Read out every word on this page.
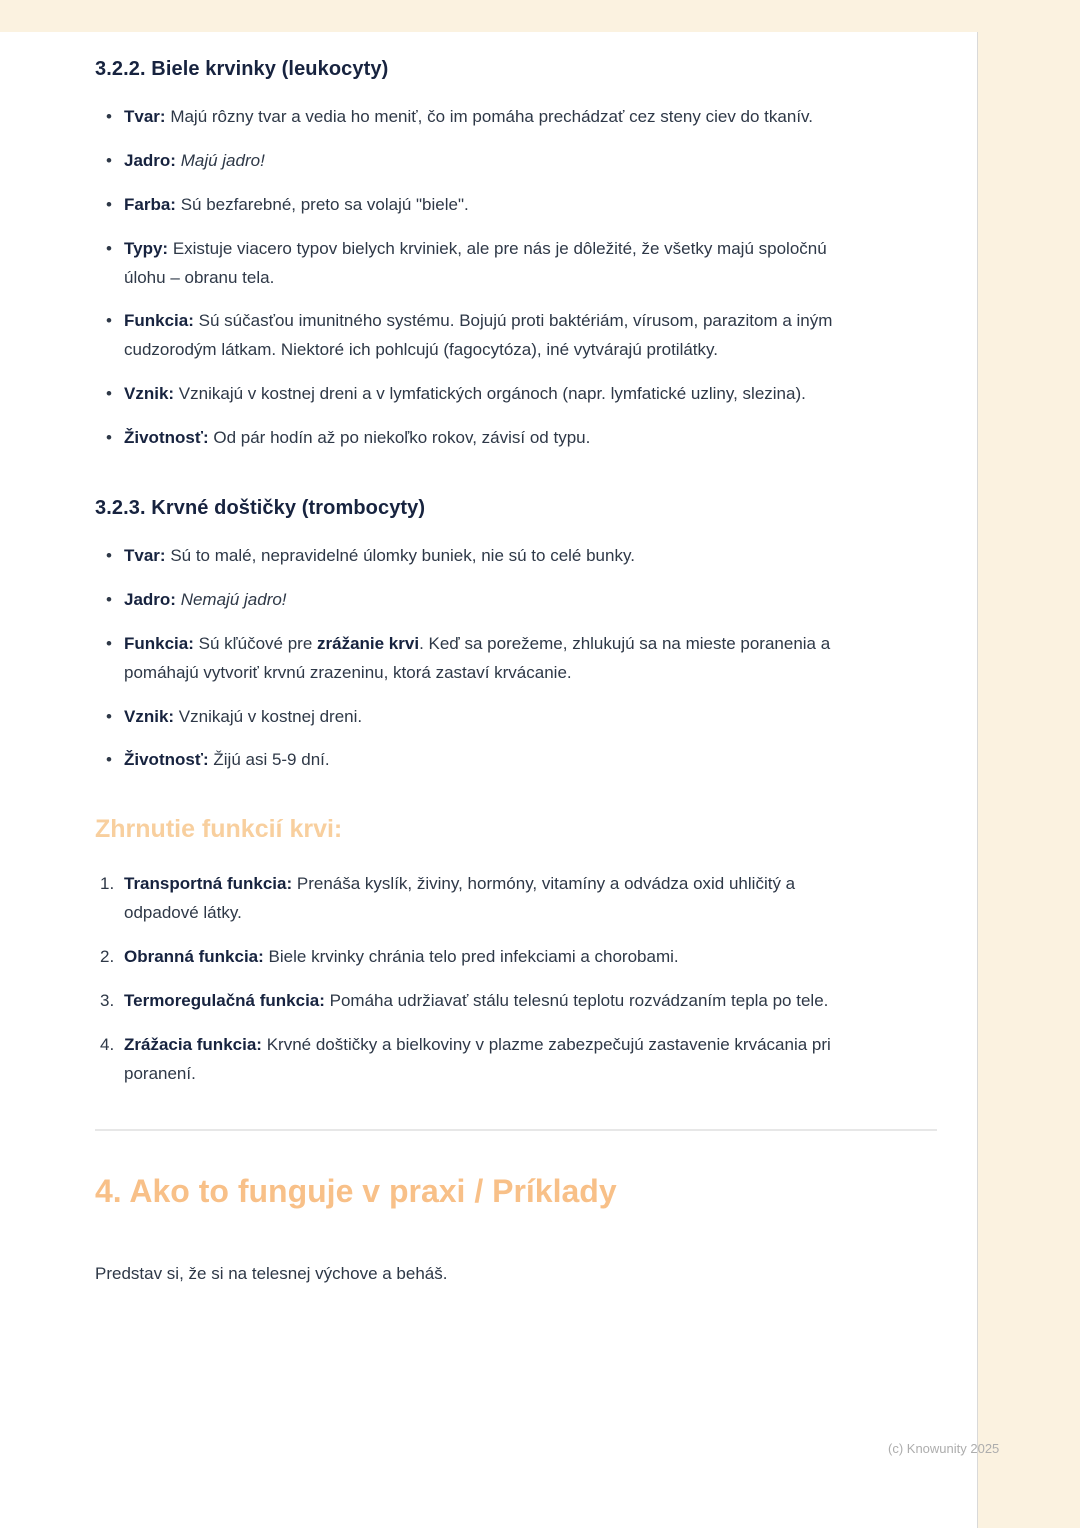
3.2.2. Biele krvinky (leukocyty)
• Tvar: Majú rôzny tvar a vedia ho meniť, čo im pomáha prechádzať cez steny ciev do tkanív.
• Jadro: Majú jadro!
• Farba: Sú bezfarebné, preto sa volajú "biele".
• Typy: Existuje viacero typov bielych krviniek, ale pre nás je dôležité, že všetky majú spoločnú úlohu – obranu tela.
• Funkcia: Sú súčasťou imunitného systému. Bojujú proti baktériám, vírusom, parazitom a iným cudzorodým látkam. Niektoré ich pohlcujú (fagocytóza), iné vytvárajú protilátky.
• Vznik: Vznikajú v kostnej dreni a v lymfatických orgánoch (napr. lymfatické uzliny, slezina).
• Životnosť: Od pár hodín až po niekoľko rokov, závisí od typu.
3.2.3. Krvné doštičky (trombocyty)
• Tvar: Sú to malé, nepravidelné úlomky buniek, nie sú to celé bunky.
• Jadro: Nemajú jadro!
• Funkcia: Sú kľúčové pre zrážanie krvi. Keď sa porežeme, zhlukujú sa na mieste poranenia a pomáhajú vytvoriť krvnú zrazeninu, ktorá zastaví krvácanie.
• Vznik: Vznikajú v kostnej dreni.
• Životnosť: Žijú asi 5-9 dní.
Zhrnutie funkcií krvi:
1. Transportná funkcia: Prenáša kyslík, živiny, hormóny, vitamíny a odvádza oxid uhličitý a odpadové látky.
2. Obranná funkcia: Biele krvinky chránia telo pred infekciami a chorobami.
3. Termoregulačná funkcia: Pomáha udržiavať stálu telesnú teplotu rozvádzaním tepla po tele.
4. Zrážacia funkcia: Krvné doštičky a bielkoviny v plazme zabezpečujú zastavenie krvácania pri poranení.
4. Ako to funguje v praxi / Príklady

Predstav si, že si na telesnej výchove a beháš.

(c) Knowunity 2025
